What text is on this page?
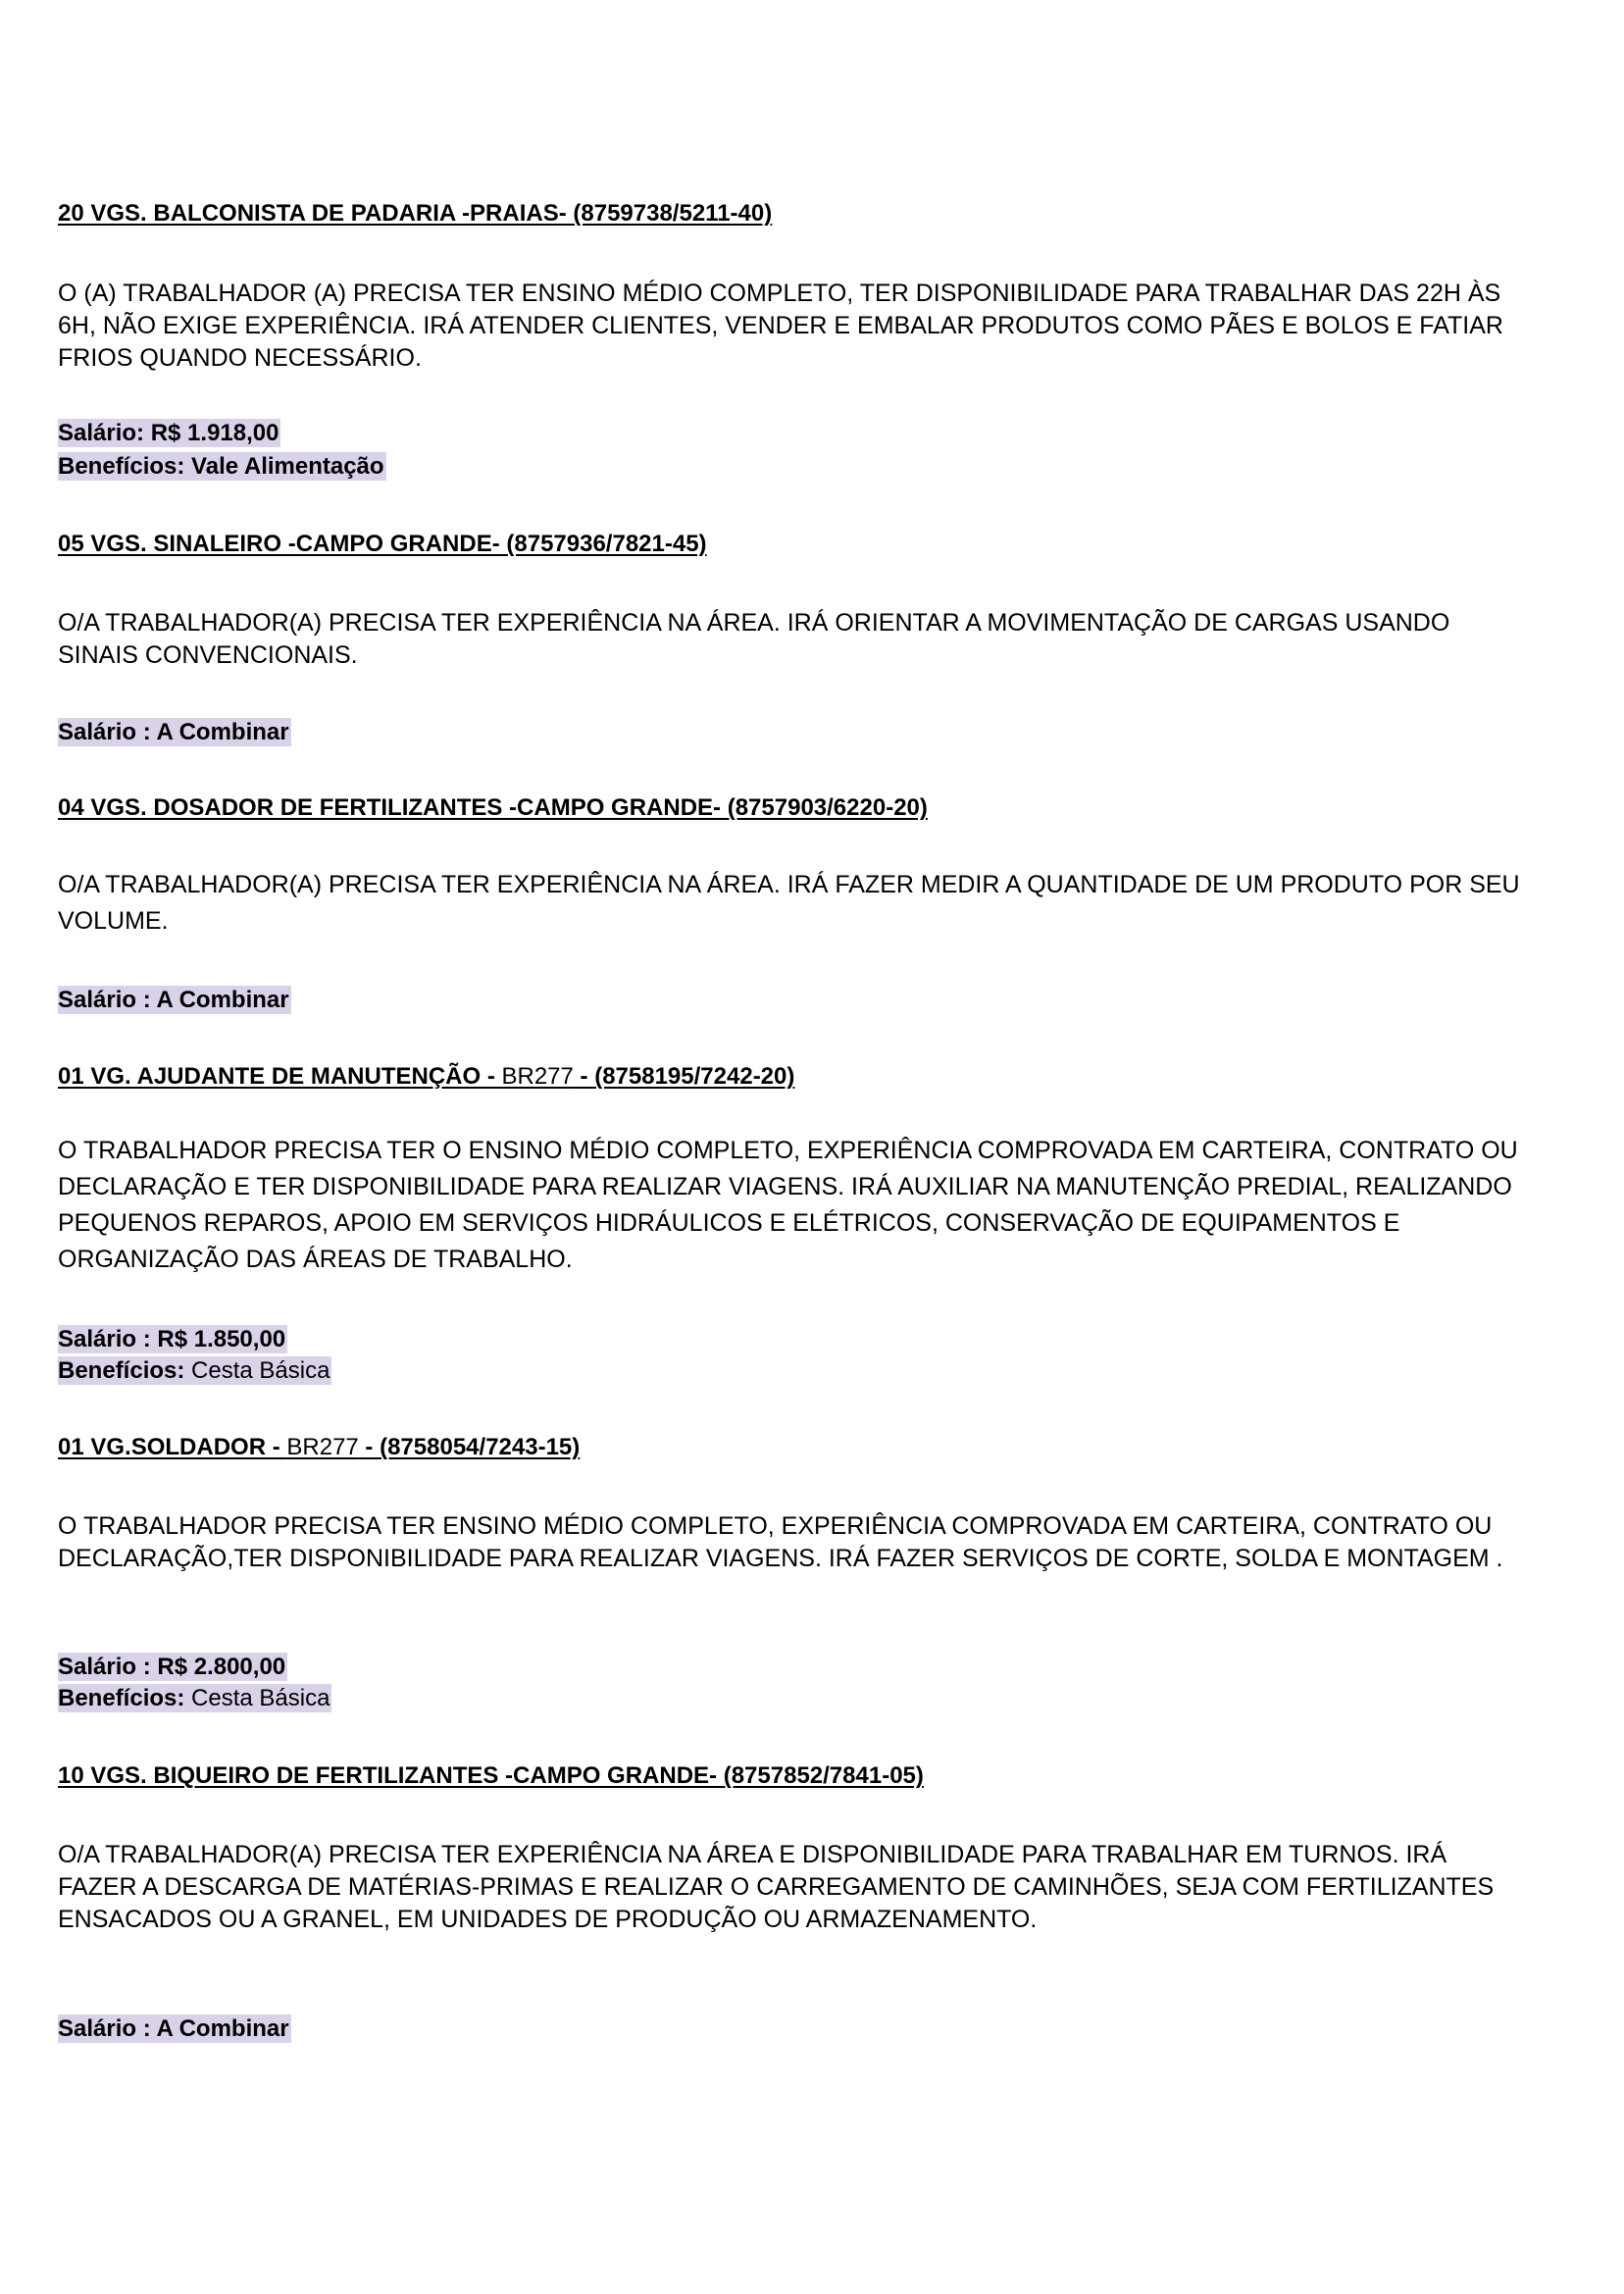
20 VGS. BALCONISTA DE PADARIA -PRAIAS- (8759738/5211-40)

O (A) TRABALHADOR (A) PRECISA TER ENSINO MÉDIO COMPLETO, TER DISPONIBILIDADE PARA TRABALHAR DAS 22H ÀS 6H, NÃO EXIGE EXPERIÊNCIA. IRÁ ATENDER CLIENTES, VENDER E EMBALAR PRODUTOS COMO PÃES E BOLOS E FATIAR FRIOS QUANDO NECESSÁRIO.

Salário: R$ 1.918,00
Benefícios: Vale Alimentação

05 VGS. SINALEIRO -CAMPO GRANDE- (8757936/7821-45)

O/A TRABALHADOR(A) PRECISA TER EXPERIÊNCIA NA ÁREA. IRÁ ORIENTAR A MOVIMENTAÇÃO DE CARGAS USANDO SINAIS CONVENCIONAIS.

Salário : A Combinar

04 VGS. DOSADOR DE FERTILIZANTES -CAMPO GRANDE- (8757903/6220-20)

O/A TRABALHADOR(A) PRECISA TER EXPERIÊNCIA NA ÁREA. IRÁ FAZER MEDIR A QUANTIDADE DE UM PRODUTO POR SEU VOLUME.

Salário : A Combinar

01 VG. AJUDANTE DE MANUTENÇÃO - BR277 - (8758195/7242-20)

O TRABALHADOR PRECISA TER O ENSINO MÉDIO COMPLETO, EXPERIÊNCIA COMPROVADA EM CARTEIRA, CONTRATO OU DECLARAÇÃO E TER DISPONIBILIDADE PARA REALIZAR VIAGENS. IRÁ AUXILIAR NA MANUTENÇÃO PREDIAL, REALIZANDO PEQUENOS REPAROS, APOIO EM SERVIÇOS HIDRÁULICOS E ELÉTRICOS, CONSERVAÇÃO DE EQUIPAMENTOS E ORGANIZAÇÃO DAS ÁREAS DE TRABALHO.

Salário : R$ 1.850,00
Benefícios: Cesta Básica

01 VG.SOLDADOR - BR277 - (8758054/7243-15)

O TRABALHADOR PRECISA TER ENSINO MÉDIO COMPLETO, EXPERIÊNCIA COMPROVADA EM CARTEIRA, CONTRATO OU DECLARAÇÃO,TER DISPONIBILIDADE PARA REALIZAR VIAGENS. IRÁ FAZER SERVIÇOS DE CORTE, SOLDA E MONTAGEM .

Salário : R$ 2.800,00
Benefícios: Cesta Básica

10 VGS. BIQUEIRO DE FERTILIZANTES -CAMPO GRANDE- (8757852/7841-05)

O/A TRABALHADOR(A) PRECISA TER EXPERIÊNCIA NA ÁREA E DISPONIBILIDADE PARA TRABALHAR EM TURNOS. IRÁ FAZER A DESCARGA DE MATÉRIAS-PRIMAS E REALIZAR O CARREGAMENTO DE CAMINHÕES, SEJA COM FERTILIZANTES ENSACADOS OU A GRANEL, EM UNIDADES DE PRODUÇÃO OU ARMAZENAMENTO.

Salário : A Combinar
